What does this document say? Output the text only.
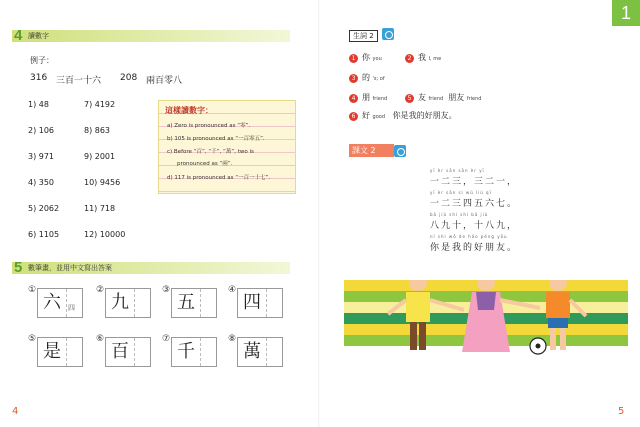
4 讀數字
例子：
316 三百一十六 208 兩百零八
1) 48
2) 106
3) 971
4) 350
5) 2062
6) 1105
7) 4192
8) 863
9) 2001
10) 9456
11) 718
12) 10000
這樣讀數字：
a) Zero is pronounced as “零”.
b) 105 is pronounced as “一百零五”.
c) Before “百”, “千”, “萬”, two is
pronounced as “兩”.
d) 117 is pronounced as “一百一十七”.
5 數筆畫，並用中文寫出答案
①
六	四
②
九
③
五
④
四
⑤
是
⑥
百
⑦
千
⑧
萬
4
1
生詞 2
1 你 you	2 我 I, me
3 的 's; of
4 朋 friend	5 友 friend 朋友 friend
6 好 good 你是我的好朋友。
課文 2
yī èr sān sān èr yī
一二三，三二一，
yī èr sān sì wǔ liù qī
一二三四五六七。
bā jiǔ shí shí bā jiǔ
八九十，十八九，
nǐ shì wǒ de hǎo péng yǒu
你是我的好朋友。
5
